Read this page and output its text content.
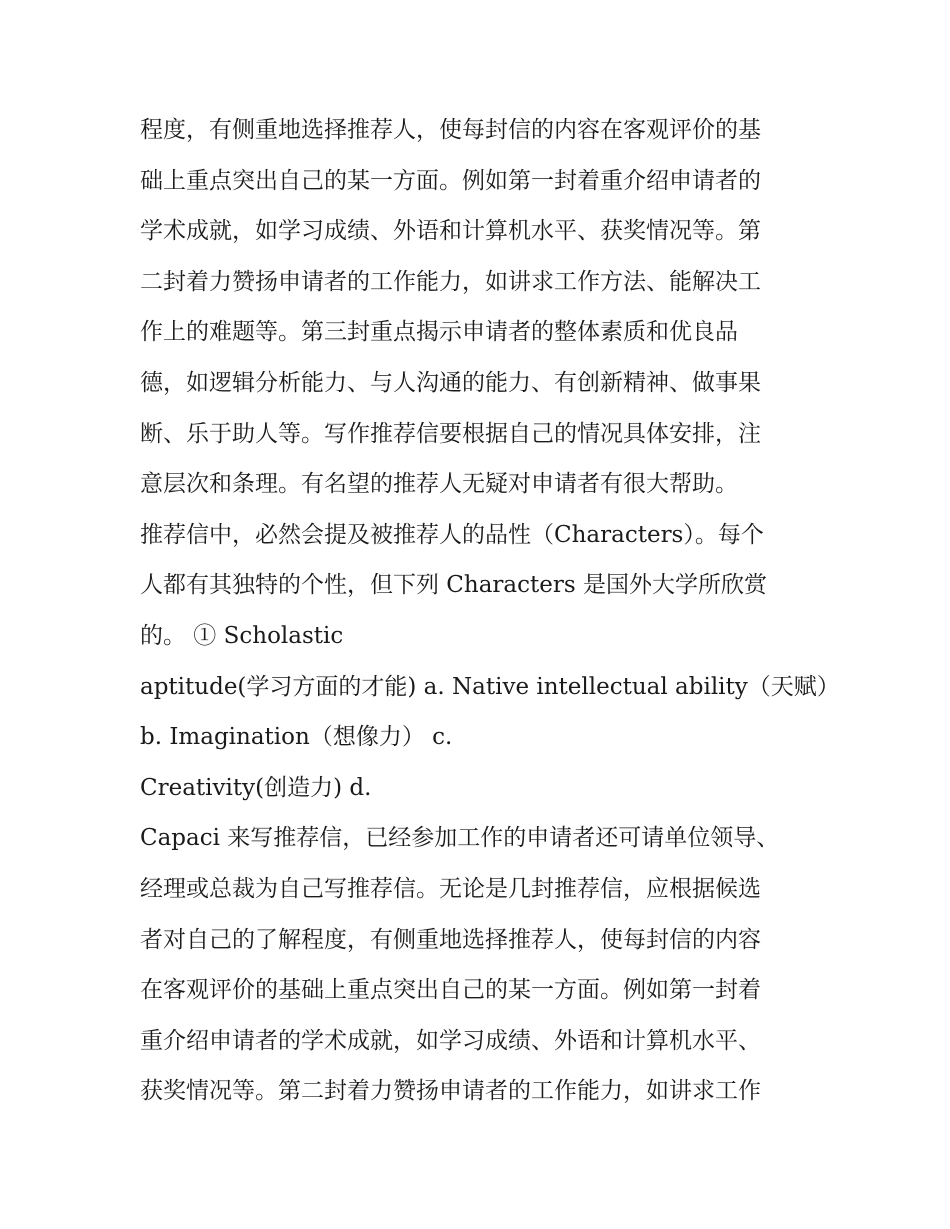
程度，有侧重地选择推荐人，使每封信的内容在客观评价的基
础上重点突出自己的某一方面。例如第一封着重介绍申请者的
学术成就，如学习成绩、外语和计算机水平、获奖情况等。第
二封着力赞扬申请者的工作能力，如讲求工作方法、能解决工
作上的难题等。第三封重点揭示申请者的整体素质和优良品
德，如逻辑分析能力、与人沟通的能力、有创新精神、做事果
断、乐于助人等。写作推荐信要根据自己的情况具体安排，注
意层次和条理。有名望的推荐人无疑对申请者有很大帮助。
推荐信中，必然会提及被推荐人的品性（Characters）。每个
人都有其独特的个性，但下列 Characters 是国外大学所欣赏
的。 ① Scholastic
aptitude(学习方面的才能) a. Native intellectual ability（天赋）
b. Imagination（想像力） c.
Creativity(创造力) d.
Capaci 来写推荐信，已经参加工作的申请者还可请单位领导、
经理或总裁为自己写推荐信。无论是几封推荐信，应根据候选
者对自己的了解程度，有侧重地选择推荐人，使每封信的内容
在客观评价的基础上重点突出自己的某一方面。例如第一封着
重介绍申请者的学术成就，如学习成绩、外语和计算机水平、
获奖情况等。第二封着力赞扬申请者的工作能力，如讲求工作
